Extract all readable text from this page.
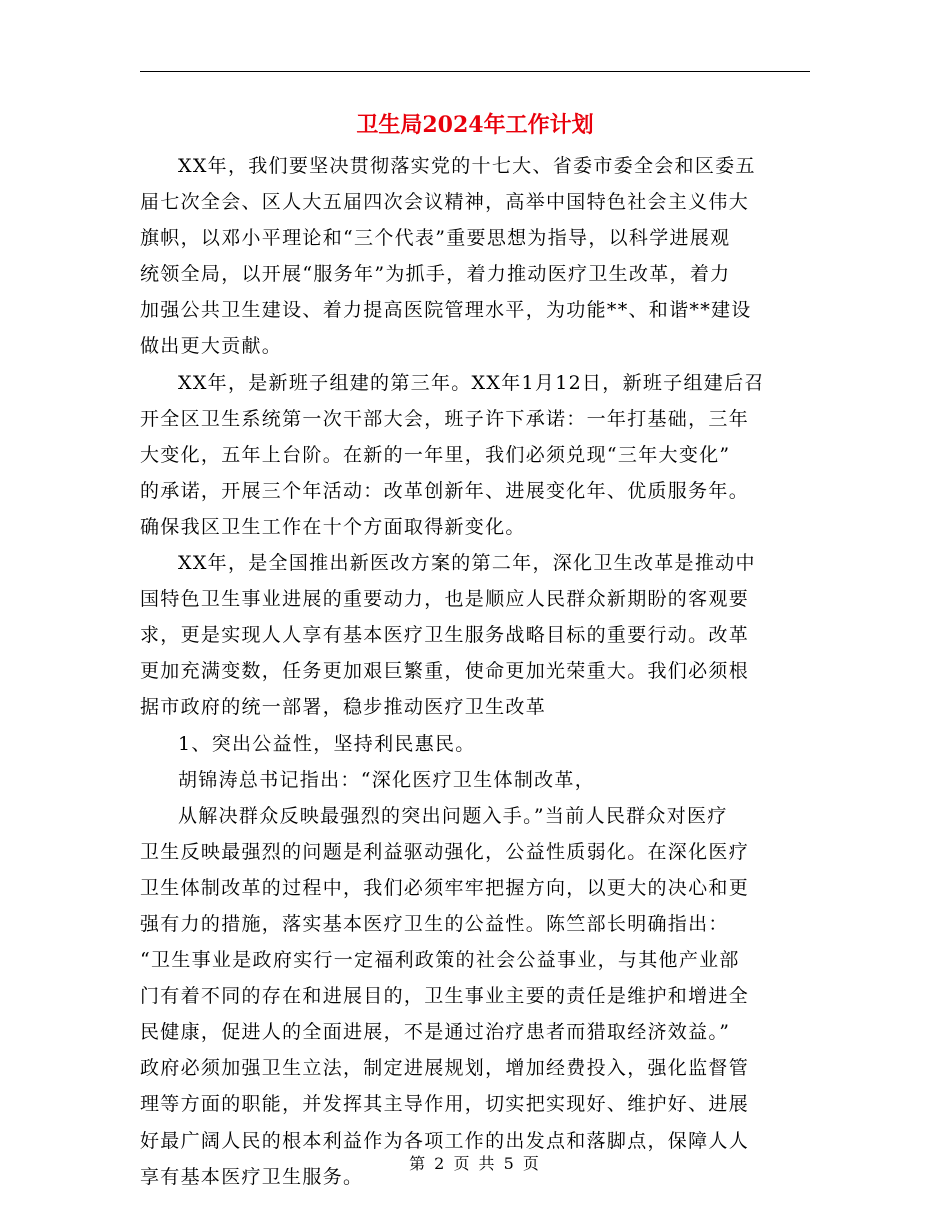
卫生局2024年工作计划
XX年，我们要坚决贯彻落实党的十七大、省委市委全会和区委五
届七次全会、区人大五届四次会议精神，高举中国特色社会主义伟大
旗帜，以邓小平理论和“三个代表”重要思想为指导，以科学进展观
统领全局，以开展“服务年”为抓手，着力推动医疗卫生改革，着力
加强公共卫生建设、着力提高医院管理水平，为功能**、和谐**建设
做出更大贡献。
XX年，是新班子组建的第三年。XX年1月12日，新班子组建后召
开全区卫生系统第一次干部大会，班子许下承诺：一年打基础，三年
大变化，五年上台阶。在新的一年里，我们必须兑现“三年大变化”
的承诺，开展三个年活动：改革创新年、进展变化年、优质服务年。
确保我区卫生工作在十个方面取得新变化。
XX年，是全国推出新医改方案的第二年，深化卫生改革是推动中
国特色卫生事业进展的重要动力，也是顺应人民群众新期盼的客观要
求，更是实现人人享有基本医疗卫生服务战略目标的重要行动。改革
更加充满变数，任务更加艰巨繁重，使命更加光荣重大。我们必须根
据市政府的统一部署，稳步推动医疗卫生改革
1、突出公益性，坚持利民惠民。
胡锦涛总书记指出：“深化医疗卫生体制改革，
从解决群众反映最强烈的突出问题入手。”当前人民群众对医疗
卫生反映最强烈的问题是利益驱动强化，公益性质弱化。在深化医疗
卫生体制改革的过程中，我们必须牢牢把握方向，以更大的决心和更
强有力的措施，落实基本医疗卫生的公益性。陈竺部长明确指出：
“卫生事业是政府实行一定福利政策的社会公益事业，与其他产业部
门有着不同的存在和进展目的，卫生事业主要的责任是维护和增进全
民健康，促进人的全面进展，不是通过治疗患者而猎取经济效益。”
政府必须加强卫生立法，制定进展规划，增加经费投入，强化监督管
理等方面的职能，并发挥其主导作用，切实把实现好、维护好、进展
好最广阔人民的根本利益作为各项工作的出发点和落脚点，保障人人
享有基本医疗卫生服务。
第 2 页 共 5 页
